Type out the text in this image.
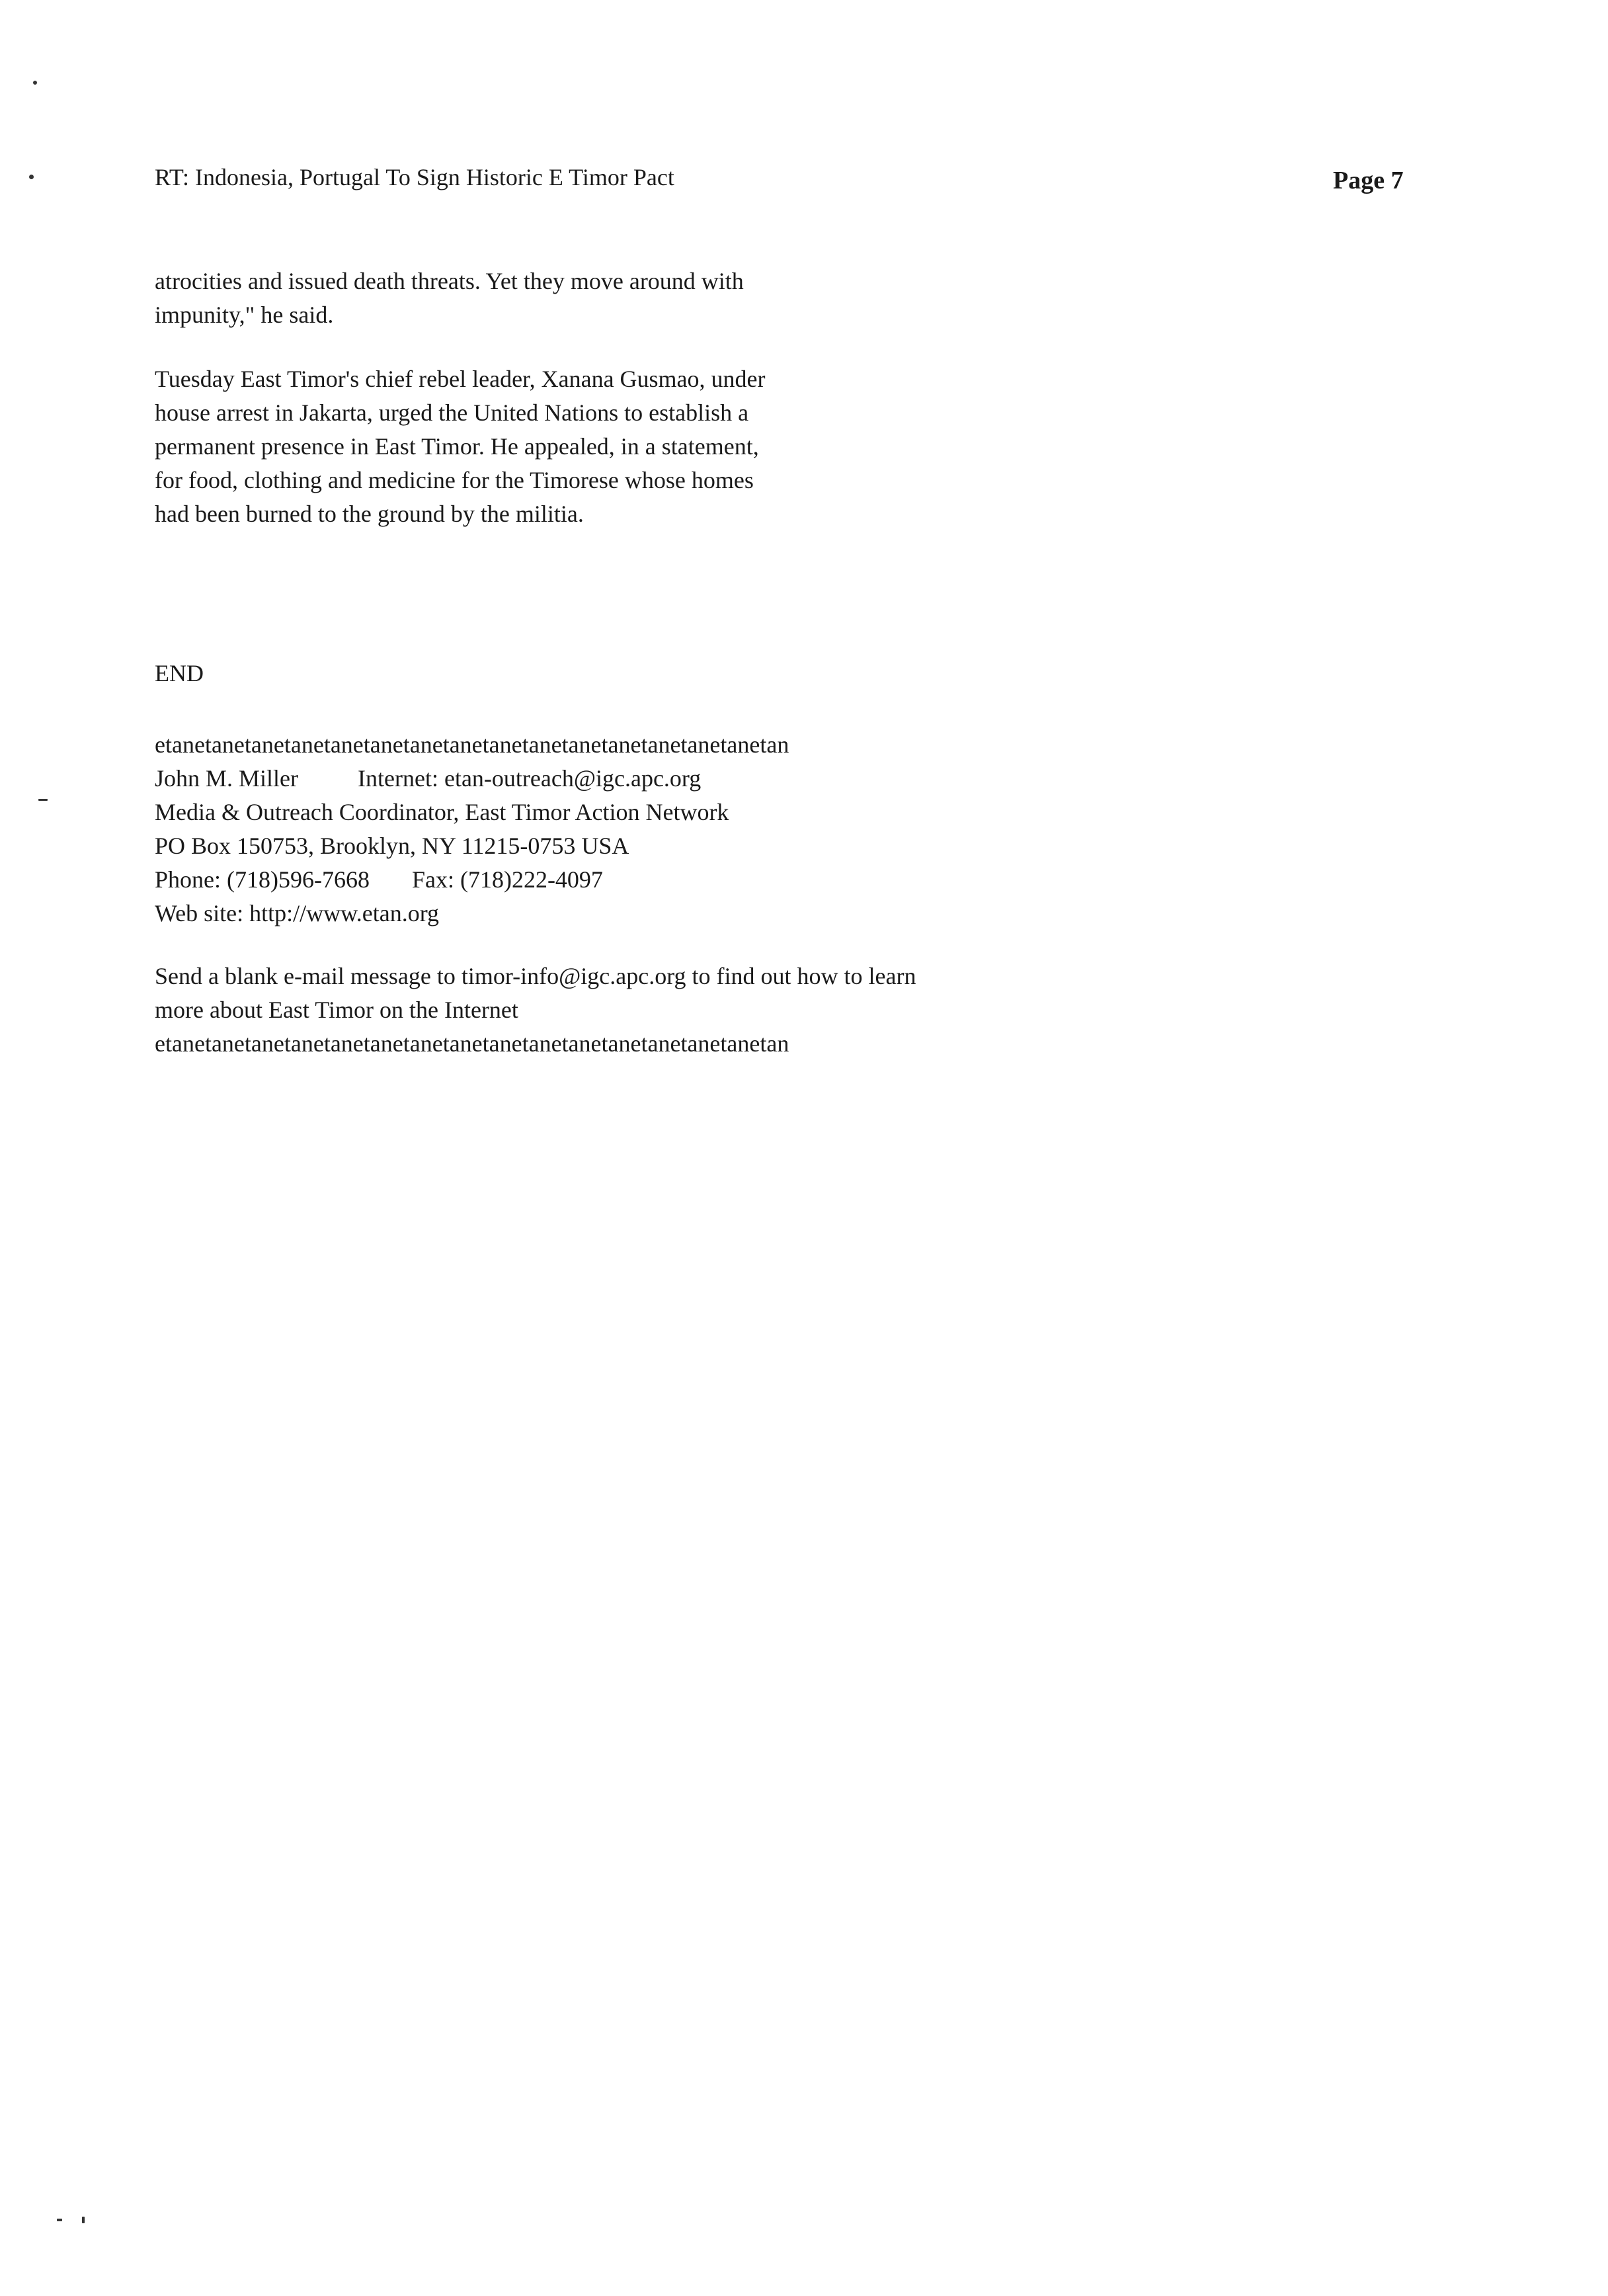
RT: Indonesia, Portugal To Sign Historic E Timor Pact	Page 7

atrocities and issued death threats. Yet they move around with
impunity," he said.

Tuesday East Timor's chief rebel leader, Xanana Gusmao, under
house arrest in Jakarta, urged the United Nations to establish a
permanent presence in East Timor. He appealed, in a statement,
for food, clothing and medicine for the Timorese whose homes
had been burned to the ground by the militia.

END
etanetanetanetanetanetanetanetanetanetanetanetanetanetanetanetan
John M. Miller	Internet: etan-outreach@igc.apc.org
Media & Outreach Coordinator, East Timor Action Network
PO Box 150753, Brooklyn, NY 11215-0753 USA
Phone: (718)596-7668 Fax: (718)222-4097
Web site: http://www.etan.org
Send a blank e-mail message to timor-info@igc.apc.org to find out how to learn
more about East Timor on the Internet
etanetanetanetanetanetanetanetanetanetanetanetanetanetanetanetan
